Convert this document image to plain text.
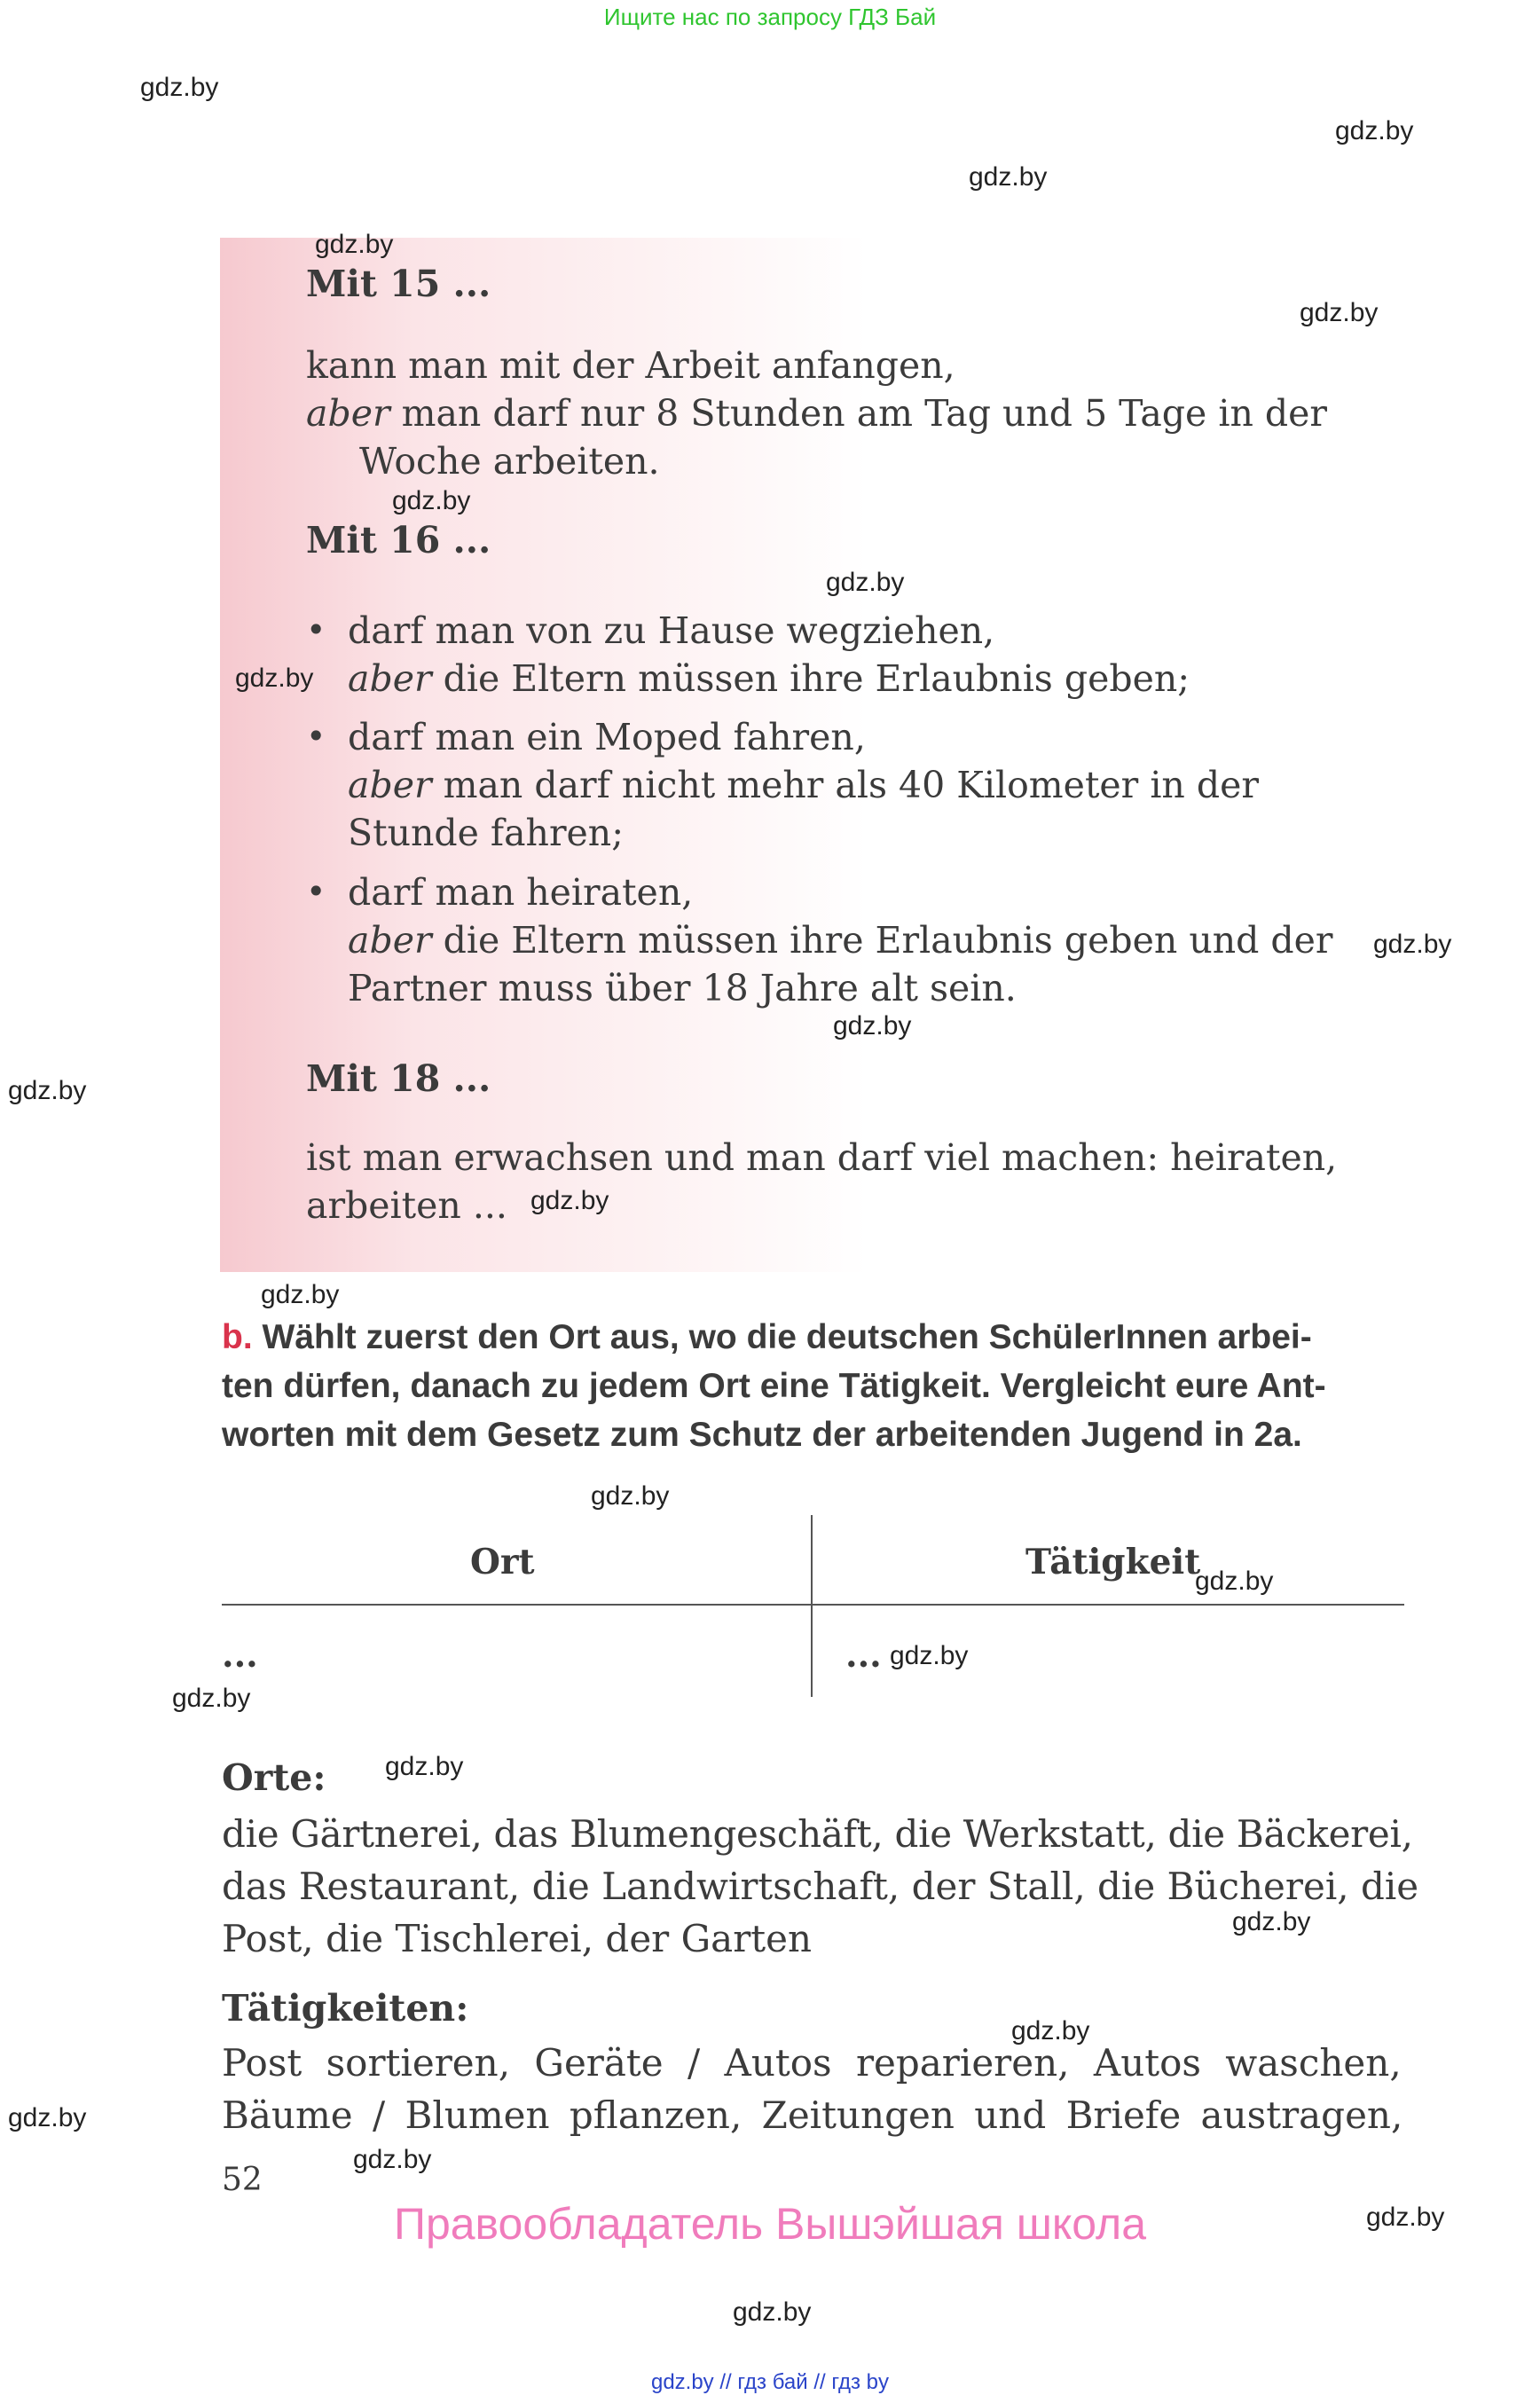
Ищите нас по запросу ГДЗ Бай
Mit 15 ...
kann man mit der Arbeit anfangen,
aber man darf nur 8 Stunden am Tag und 5 Tage in der
Woche arbeiten.
Mit 16 ...
• darf man von zu Hause wegziehen,
aber die Eltern müssen ihre Erlaubnis geben;
• darf man ein Moped fahren,
aber man darf nicht mehr als 40 Kilometer in der
Stunde fahren;
• darf man heiraten,
aber die Eltern müssen ihre Erlaubnis geben und der
Partner muss über 18 Jahre alt sein.
Mit 18 ...
ist man erwachsen und man darf viel machen: heiraten,
arbeiten ...
b. Wählt zuerst den Ort aus, wo die deutschen SchülerInnen arbei-
ten dürfen, danach zu jedem Ort eine Tätigkeit. Vergleicht eure Ant-
worten mit dem Gesetz zum Schutz der arbeitenden Jugend in 2a.
Ort	Tätigkeit
...	...
Orte:
die Gärtnerei, das Blumengeschäft, die Werkstatt, die Bäckerei,
das Restaurant, die Landwirtschaft, der Stall, die Bücherei, die
Post, die Tischlerei, der Garten
Tätigkeiten:
Post sortieren, Geräte / Autos reparieren, Autos waschen,
Bäume / Blumen pflanzen, Zeitungen und Briefe austragen,
52
Правообладатель Вышэйшая школа
gdz.by // гдз бай // гдз by
gdz.by
gdz.by
gdz.by
gdz.by
gdz.by
gdz.by
gdz.by
gdz.by
gdz.by
gdz.by
gdz.by
gdz.by
gdz.by
gdz.by
gdz.by
gdz.by
gdz.by
gdz.by
gdz.by
gdz.by
gdz.by
gdz.by
gdz.by
gdz.by
